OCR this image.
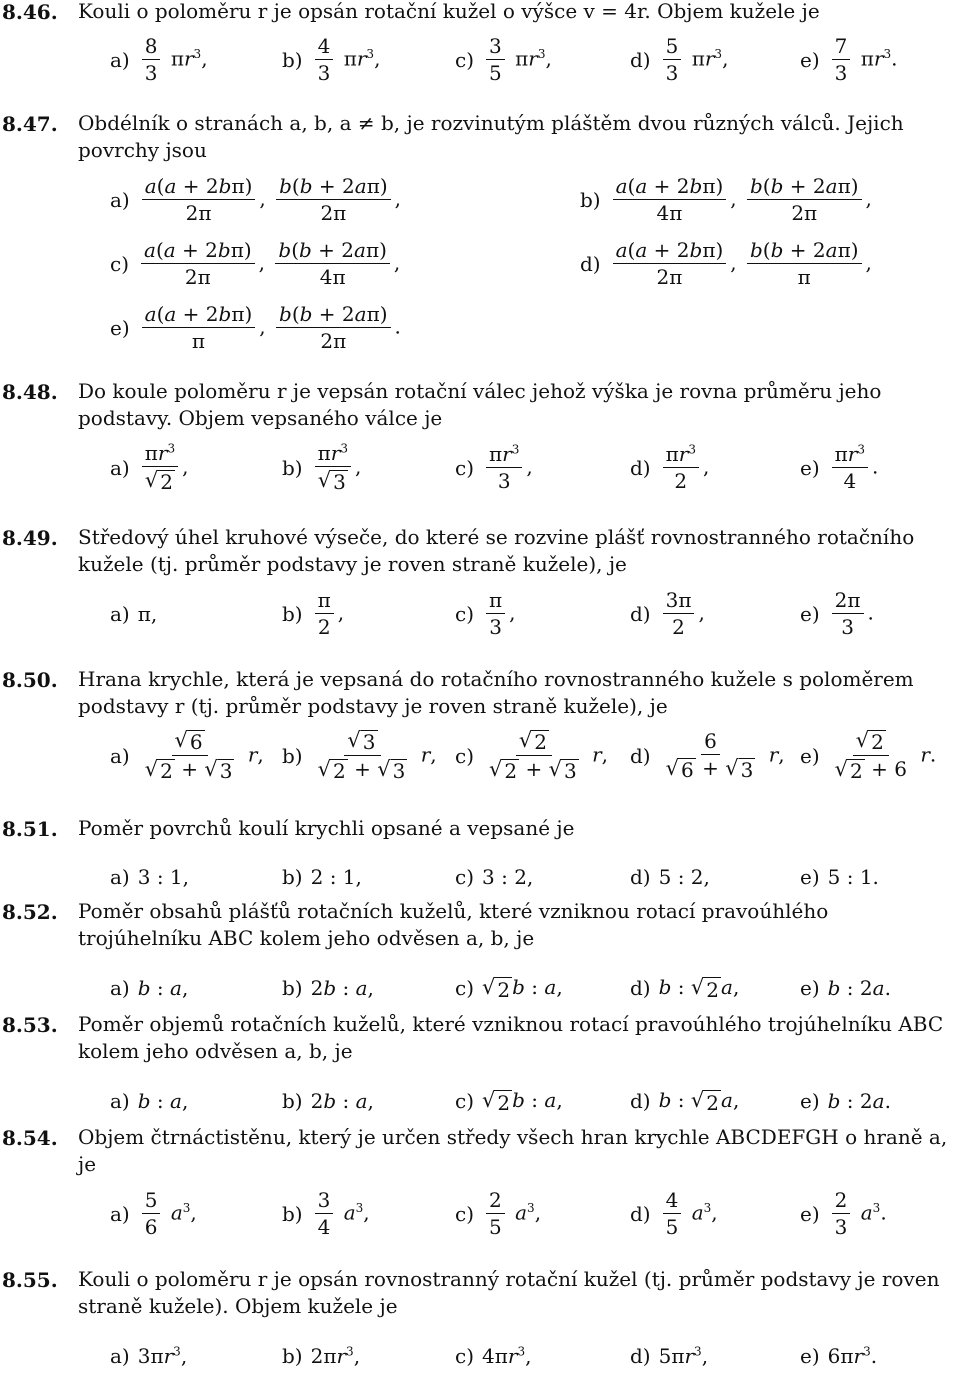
8.46. Kouli o poloměru r je opsán rotační kužel o výšce v = 4r. Objem kužele je
$a) \frac{8}{3} \pi r^3$,	$b) \frac{4}{3} \pi r^3$,	$c) \frac{3}{5} \pi r^3$,	$d) \frac{5}{3} \pi r^3$,	$e) \frac{7}{3} \pi r^3$.
8.47. Obdélník o stranách a, b, a ≠ b, je rozvinutým pláštěm dvou různých válců. Jejich povrchy jsou
$a) \frac{a(a + 2b\pi)}{2\pi}$ , $\frac{b(b + 2a\pi)}{2\pi}$ ,	$b) \frac{a(a + 2b\pi)}{4\pi}$ , $\frac{b(b + 2a\pi)}{2\pi}$ ,
$c) \frac{a(a + 2b\pi)}{2\pi}$ , $\frac{b(b + 2a\pi)}{4\pi}$ ,	$d) \frac{a(a + 2b\pi)}{2\pi}$ , $\frac{b(b + 2a\pi)}{\pi}$ ,
$e) \frac{a(a + 2b\pi)}{\pi}$ , $\frac{b(b + 2a\pi)}{2\pi}$ .
8.48. Do koule poloměru r je vepsán rotační válec jehož výška je rovna průměru jeho podstavy. Objem vepsaného válce je
$a) \frac{\pi r^3}{√ 2}$ ,	$b) \frac{\pi r^3}{√ 3}$ ,	$c) \frac{\pi r^3}{3}$ ,	$d) \frac{\pi r^3}{2}$ ,	$e) \frac{\pi r^3}{4}$ .
8.49. Středový úhel kruhové výseče, do které se rozvine plášť rovnostranného rotačního kužele (tj. průměr podstavy je roven straně kužele), je
a) π,	$b) \frac{\pi}{2}$ ,	$c) \frac{\pi}{3}$ ,	$d) \frac{3\pi}{2}$ ,	$e) \frac{2\pi}{3}$ .
8.50. Hrana krychle, která je vepsaná do rotačního rovnostranného kužele s poloměrem podstavy r (tj. průměr podstavy je roven straně kužele), je
$a) \frac{√ 6}{√ 2 + √ 3} r$, $b) \frac{√ 3}{√ 2 + √ 3} r$, $c) \frac{√ 2}{√ 2 + √ 3} r$, $d) \frac{6}{√ 6 + √ 3} r$, $e) \frac{√ 2}{√ 2 + 6} r$.
8.51. Poměr povrchů koulí krychli opsané a vepsané je
a) 3 : 1,	b) 2 : 1,	c) 3 : 2,	d) 5 : 2,	e) 5 : 1.
8.52. Poměr obsahů plášťů rotačních kuželů, které vzniknou rotací pravoúhlého trojúhelníku ABC kolem jeho odvěsen a, b, je
a) b : a,	b) 2b : a,	c) √ 2 b : a,	d) b : √ 2 a,	e) b : 2a.
8.53. Poměr objemů rotačních kuželů, které vzniknou rotací pravoúhlého trojúhelníku ABC kolem jeho odvěsen a, b, je
a) b : a,	b) 2b : a,	c) √ 2 b : a,	d) b : √ 2 a,	e) b : 2a.
8.54. Objem čtrnáctistěnu, který je určen středy všech hran krychle ABCDEFGH o hraně a, je
$a) \frac{5}{6} a^3$,	$b) \frac{3}{4} a^3$,	$c) \frac{2}{5} a^3$,	$d) \frac{4}{5} a^3$,	$e) \frac{2}{3} a^3$.
8.55. Kouli o poloměru r je opsán rovnostranný rotační kužel (tj. průměr podstavy je roven straně kužele). Objem kužele je
a) $3\pi r^3$,	b) $2\pi r^3$,	c) $4\pi r^3$,	d) $5\pi r^3$,	e) $6\pi r^3$.
